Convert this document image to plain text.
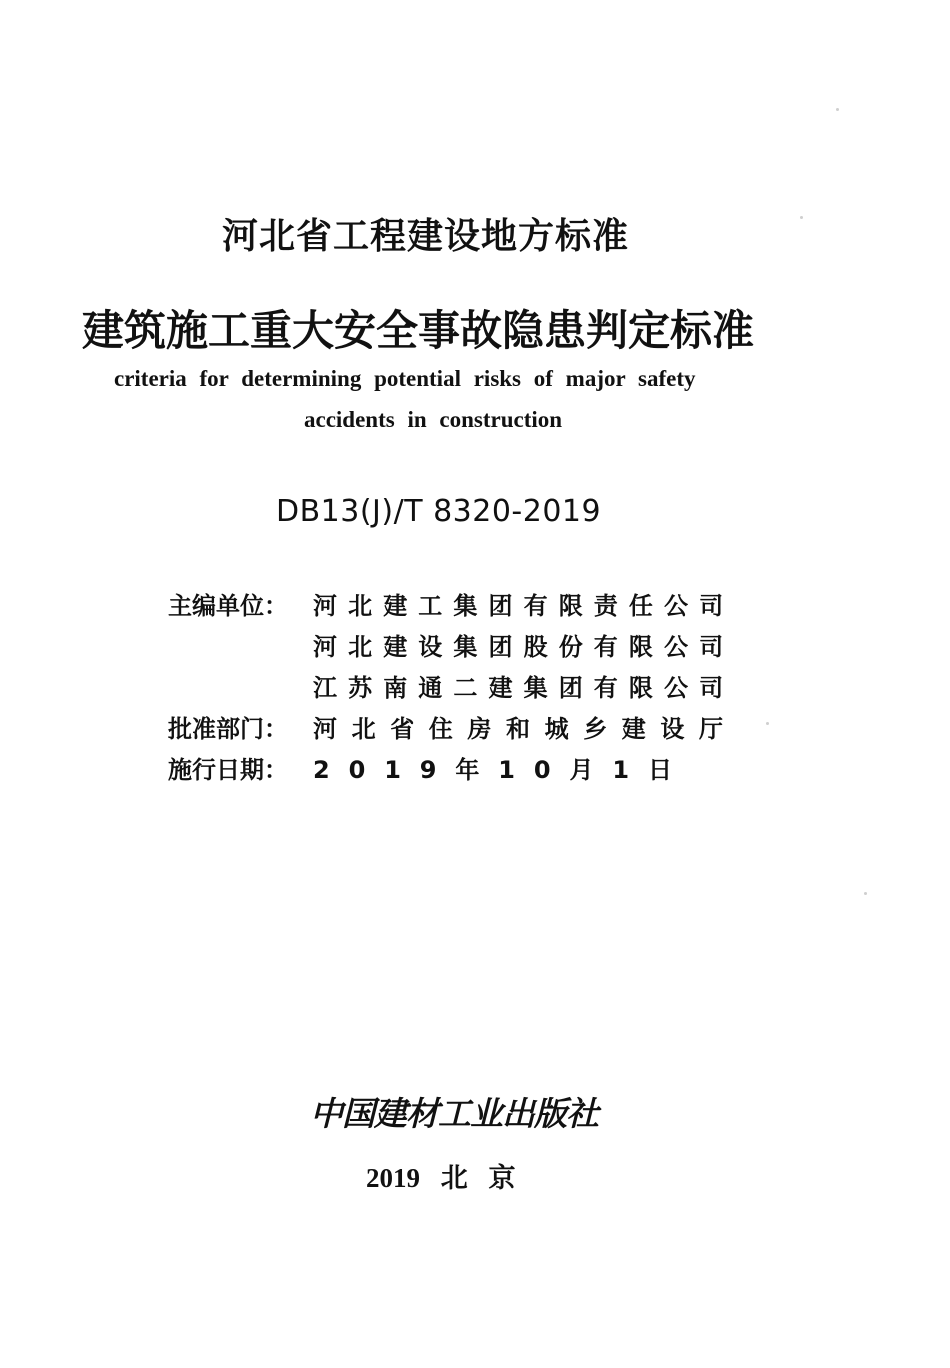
河北省工程建设地方标准
建筑施工重大安全事故隐患判定标准
criteria for determining potential risks of major safety
accidents in construction
DB13(J)/T 8320-2019
主编单位：	河北建工集团有限责任公司
河北建设集团股份有限公司
江苏南通二建集团有限公司
批准部门：	河北省住房和城乡建设厅
施行日期：	2019年10月1日
中国建材工业出版社
2019 北 京
